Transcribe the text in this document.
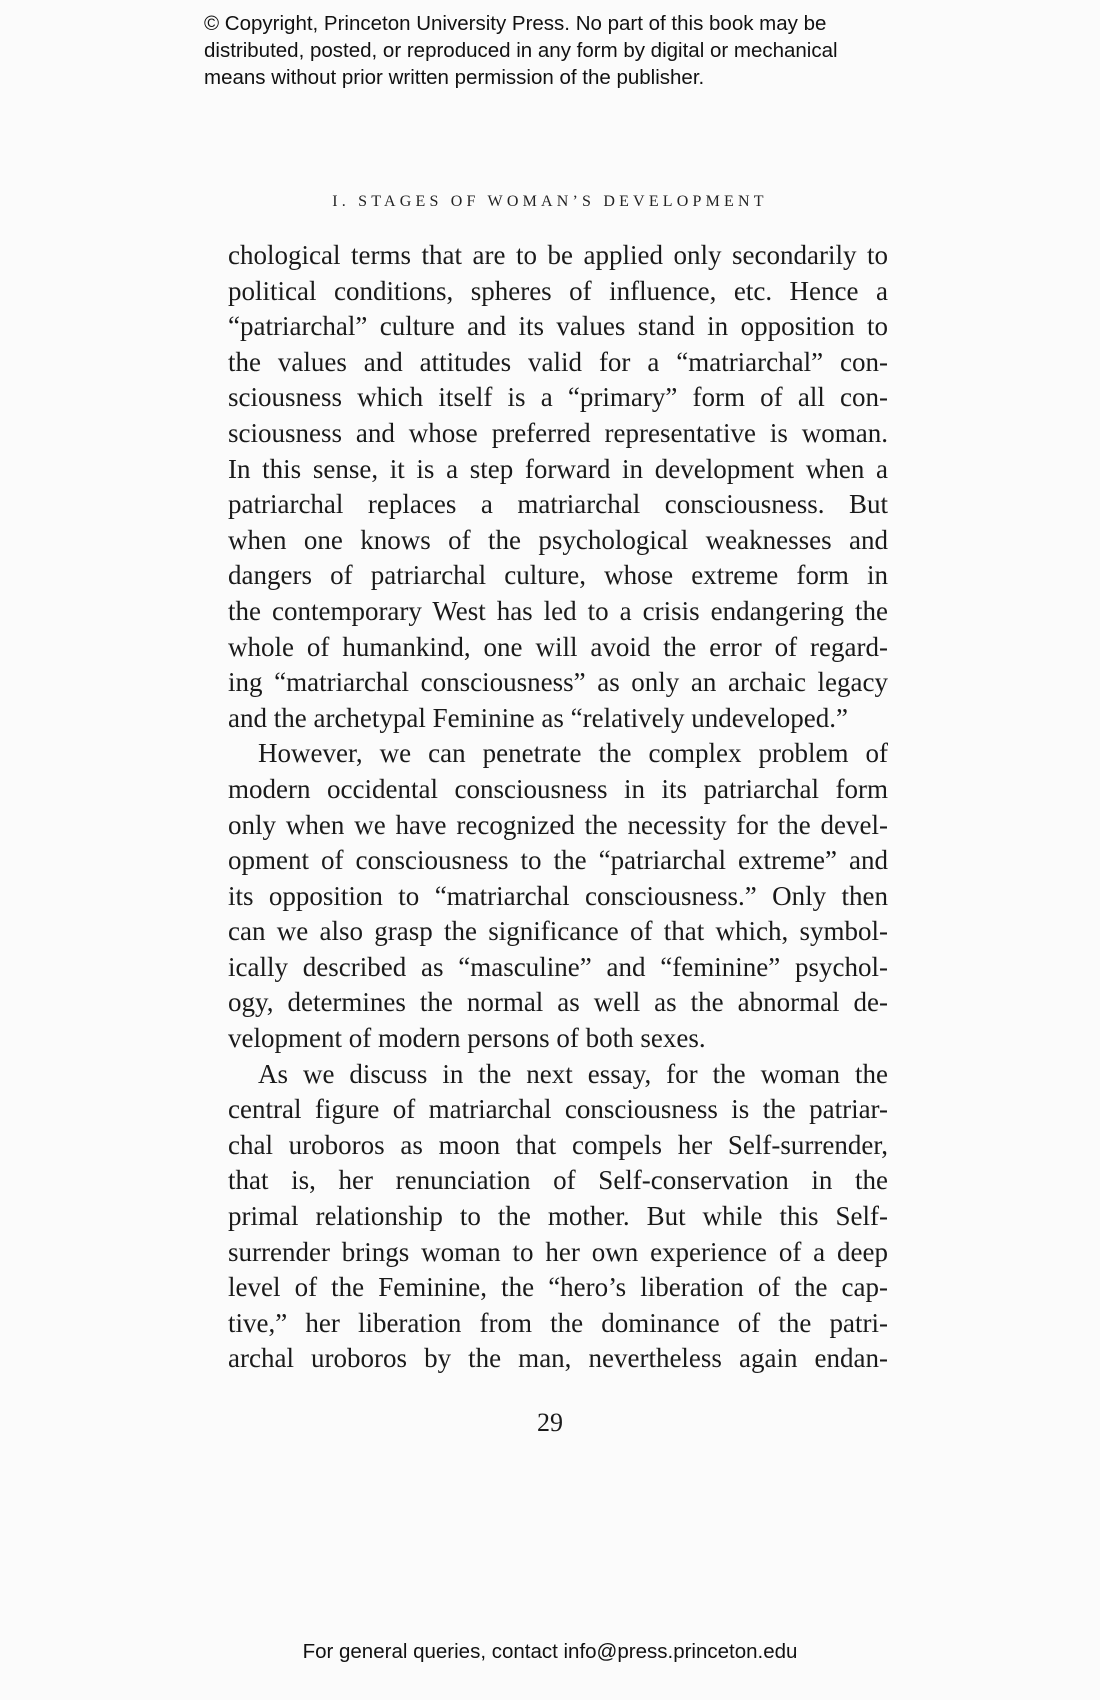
© Copyright, Princeton University Press. No part of this book may be
distributed, posted, or reproduced in any form by digital or mechanical
means without prior written permission of the publisher.
I. STAGES OF WOMAN’S DEVELOPMENT
chological terms that are to be applied only secondarily to
political conditions, spheres of influence, etc. Hence a
“patriarchal” culture and its values stand in opposition to
the values and attitudes valid for a “matriarchal” con-
sciousness which itself is a “primary” form of all con-
sciousness and whose preferred representative is woman.
In this sense, it is a step forward in development when a
patriarchal replaces a matriarchal consciousness. But
when one knows of the psychological weaknesses and
dangers of patriarchal culture, whose extreme form in
the contemporary West has led to a crisis endangering the
whole of humankind, one will avoid the error of regard-
ing “matriarchal consciousness” as only an archaic legacy
and the archetypal Feminine as “relatively undeveloped.”
However, we can penetrate the complex problem of
modern occidental consciousness in its patriarchal form
only when we have recognized the necessity for the devel-
opment of consciousness to the “patriarchal extreme” and
its opposition to “matriarchal consciousness.” Only then
can we also grasp the significance of that which, symbol-
ically described as “masculine” and “feminine” psychol-
ogy, determines the normal as well as the abnormal de-
velopment of modern persons of both sexes.
As we discuss in the next essay, for the woman the
central figure of matriarchal consciousness is the patriar-
chal uroboros as moon that compels her Self-surrender,
that is, her renunciation of Self-conservation in the
primal relationship to the mother. But while this Self-
surrender brings woman to her own experience of a deep
level of the Feminine, the “hero’s liberation of the cap-
tive,” her liberation from the dominance of the patri-
archal uroboros by the man, nevertheless again endan-
29
For general queries, contact info@press.princeton.edu
